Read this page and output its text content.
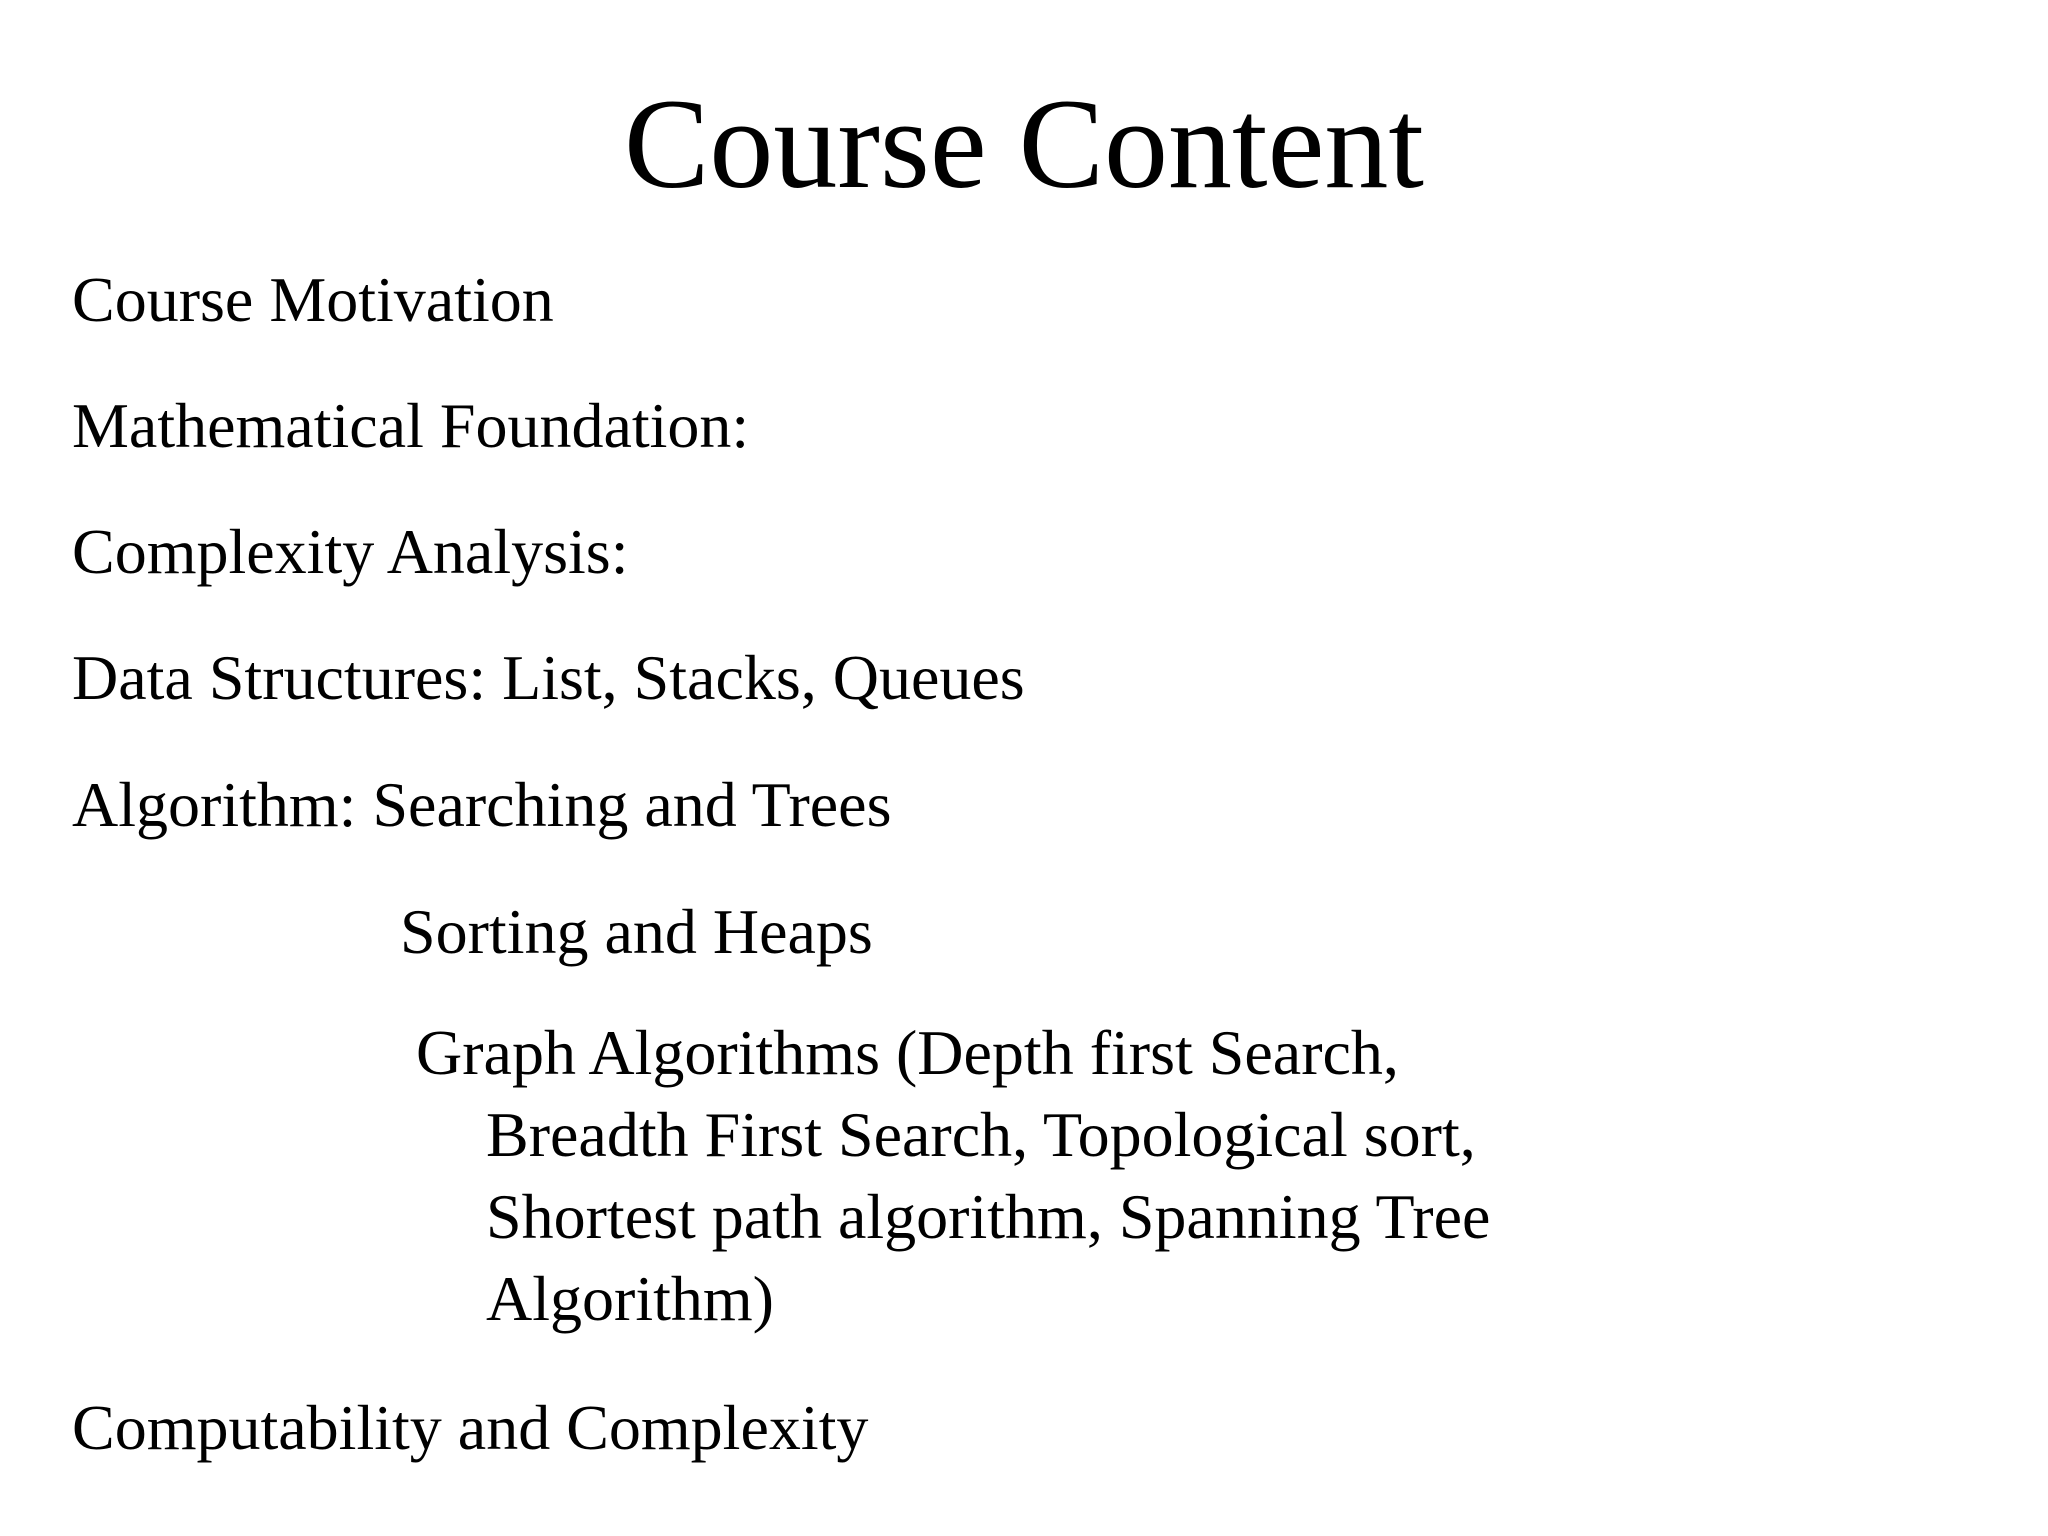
Course Content
Course Motivation
Mathematical Foundation:
Complexity Analysis:
Data Structures: List, Stacks, Queues
Algorithm: Searching and Trees
Sorting and Heaps
Graph Algorithms (Depth first Search,
Breadth First Search, Topological sort,
Shortest path algorithm, Spanning Tree
Algorithm)
Computability and Complexity
